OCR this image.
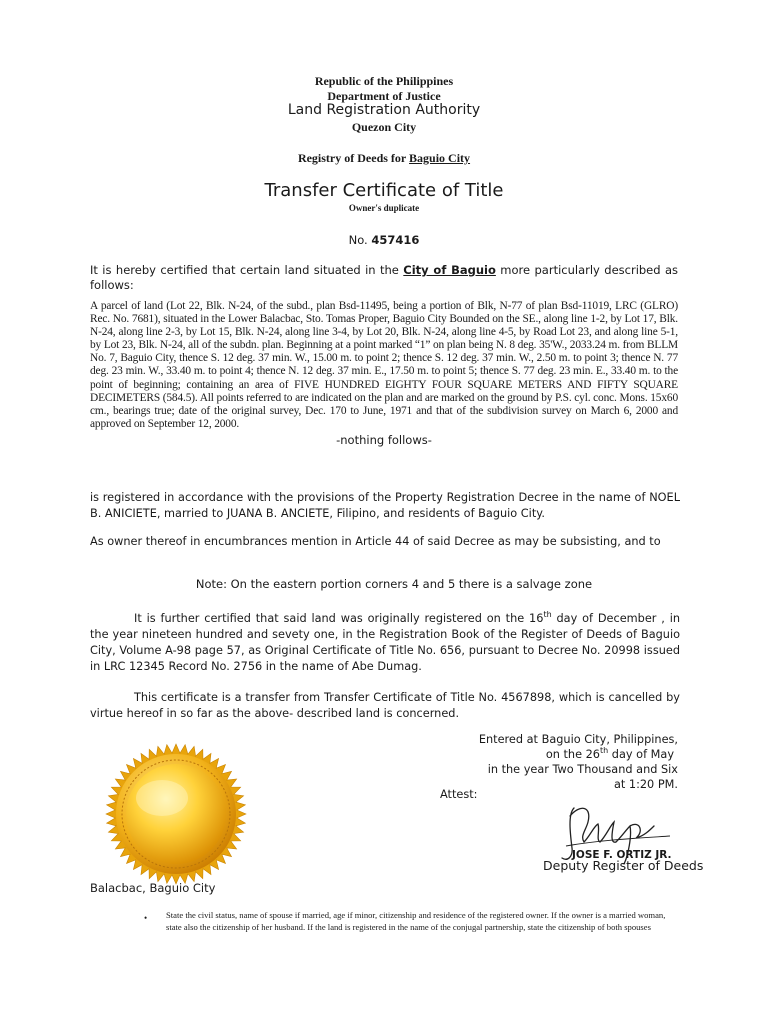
Republic of the Philippines
Department of Justice
Land Registration Authority
Quezon City
Registry of Deeds for Baguio City
Transfer Certificate of Title
Owner's duplicate
No. 457416
It is hereby certified that certain land situated in the City of Baguio more particularly described as follows:
A parcel of land (Lot 22, Blk. N-24, of the subd., plan Bsd-11495, being a portion of Blk, N-77 of plan Bsd-11019, LRC (GLRO) Rec. No. 7681), situated in the Lower Balacbac, Sto. Tomas Proper, Baguio City Bounded on the SE., along line 1-2, by Lot 17, Blk. N-24, along line 2-3, by Lot 15, Blk. N-24, along line 3-4, by Lot 20, Blk. N-24, along line 4-5, by Road Lot 23, and along line 5-1, by Lot 23, Blk. N-24, all of the subdn. plan. Beginning at a point marked “1” on plan being N. 8 deg. 35'W., 2033.24 m. from BLLM No. 7, Baguio City, thence S. 12 deg. 37 min. W., 15.00 m. to point 2; thence S. 12 deg. 37 min. W., 2.50 m. to point 3; thence N. 77 deg. 23 min. W., 33.40 m. to point 4; thence N. 12 deg. 37 min. E., 17.50 m. to point 5; thence S. 77 deg. 23 min. E., 33.40 m. to the point of beginning; containing an area of FIVE HUNDRED EIGHTY FOUR SQUARE METERS AND FIFTY SQUARE DECIMETERS (584.5). All points referred to are indicated on the plan and are marked on the ground by P.S. cyl. conc. Mons. 15x60 cm., bearings true; date of the original survey, Dec. 170 to June, 1971 and that of the subdivision survey on March 6, 2000 and approved on September 12, 2000.
-nothing follows-
is registered in accordance with the provisions of the Property Registration Decree in the name of NOEL B. ANICIETE, married to JUANA B. ANCIETE, Filipino, and residents of Baguio City.
As owner thereof in encumbrances mention in Article 44 of said Decree as may be subsisting, and to
Note: On the eastern portion corners 4 and 5 there is a salvage zone
It is further certified that said land was originally registered on the 16th day of December , in the year nineteen hundred and sevety one, in the Registration Book of the Register of Deeds of Baguio City, Volume A-98 page 57, as Original Certificate of Title No. 656, pursuant to Decree No. 20998 issued in LRC 12345 Record No. 2756 in the name of Abe Dumag.
This certificate is a transfer from Transfer Certificate of Title No. 4567898, which is cancelled by virtue hereof in so far as the above- described land is concerned.
Entered at Baguio City, Philippines,
on the 26th day of May
in the year Two Thousand and Six
at 1:20 PM.
Attest:
JOSE F. ORTIZ JR.
Deputy Register of Deeds
Balacbac, Baguio City
• State the civil status, name of spouse if married, age if minor, citizenship and residence of the registered owner. If the owner is a married woman, state also the citizenship of her husband. If the land is registered in the name of the conjugal partnership, state the citizenship of both spouses
